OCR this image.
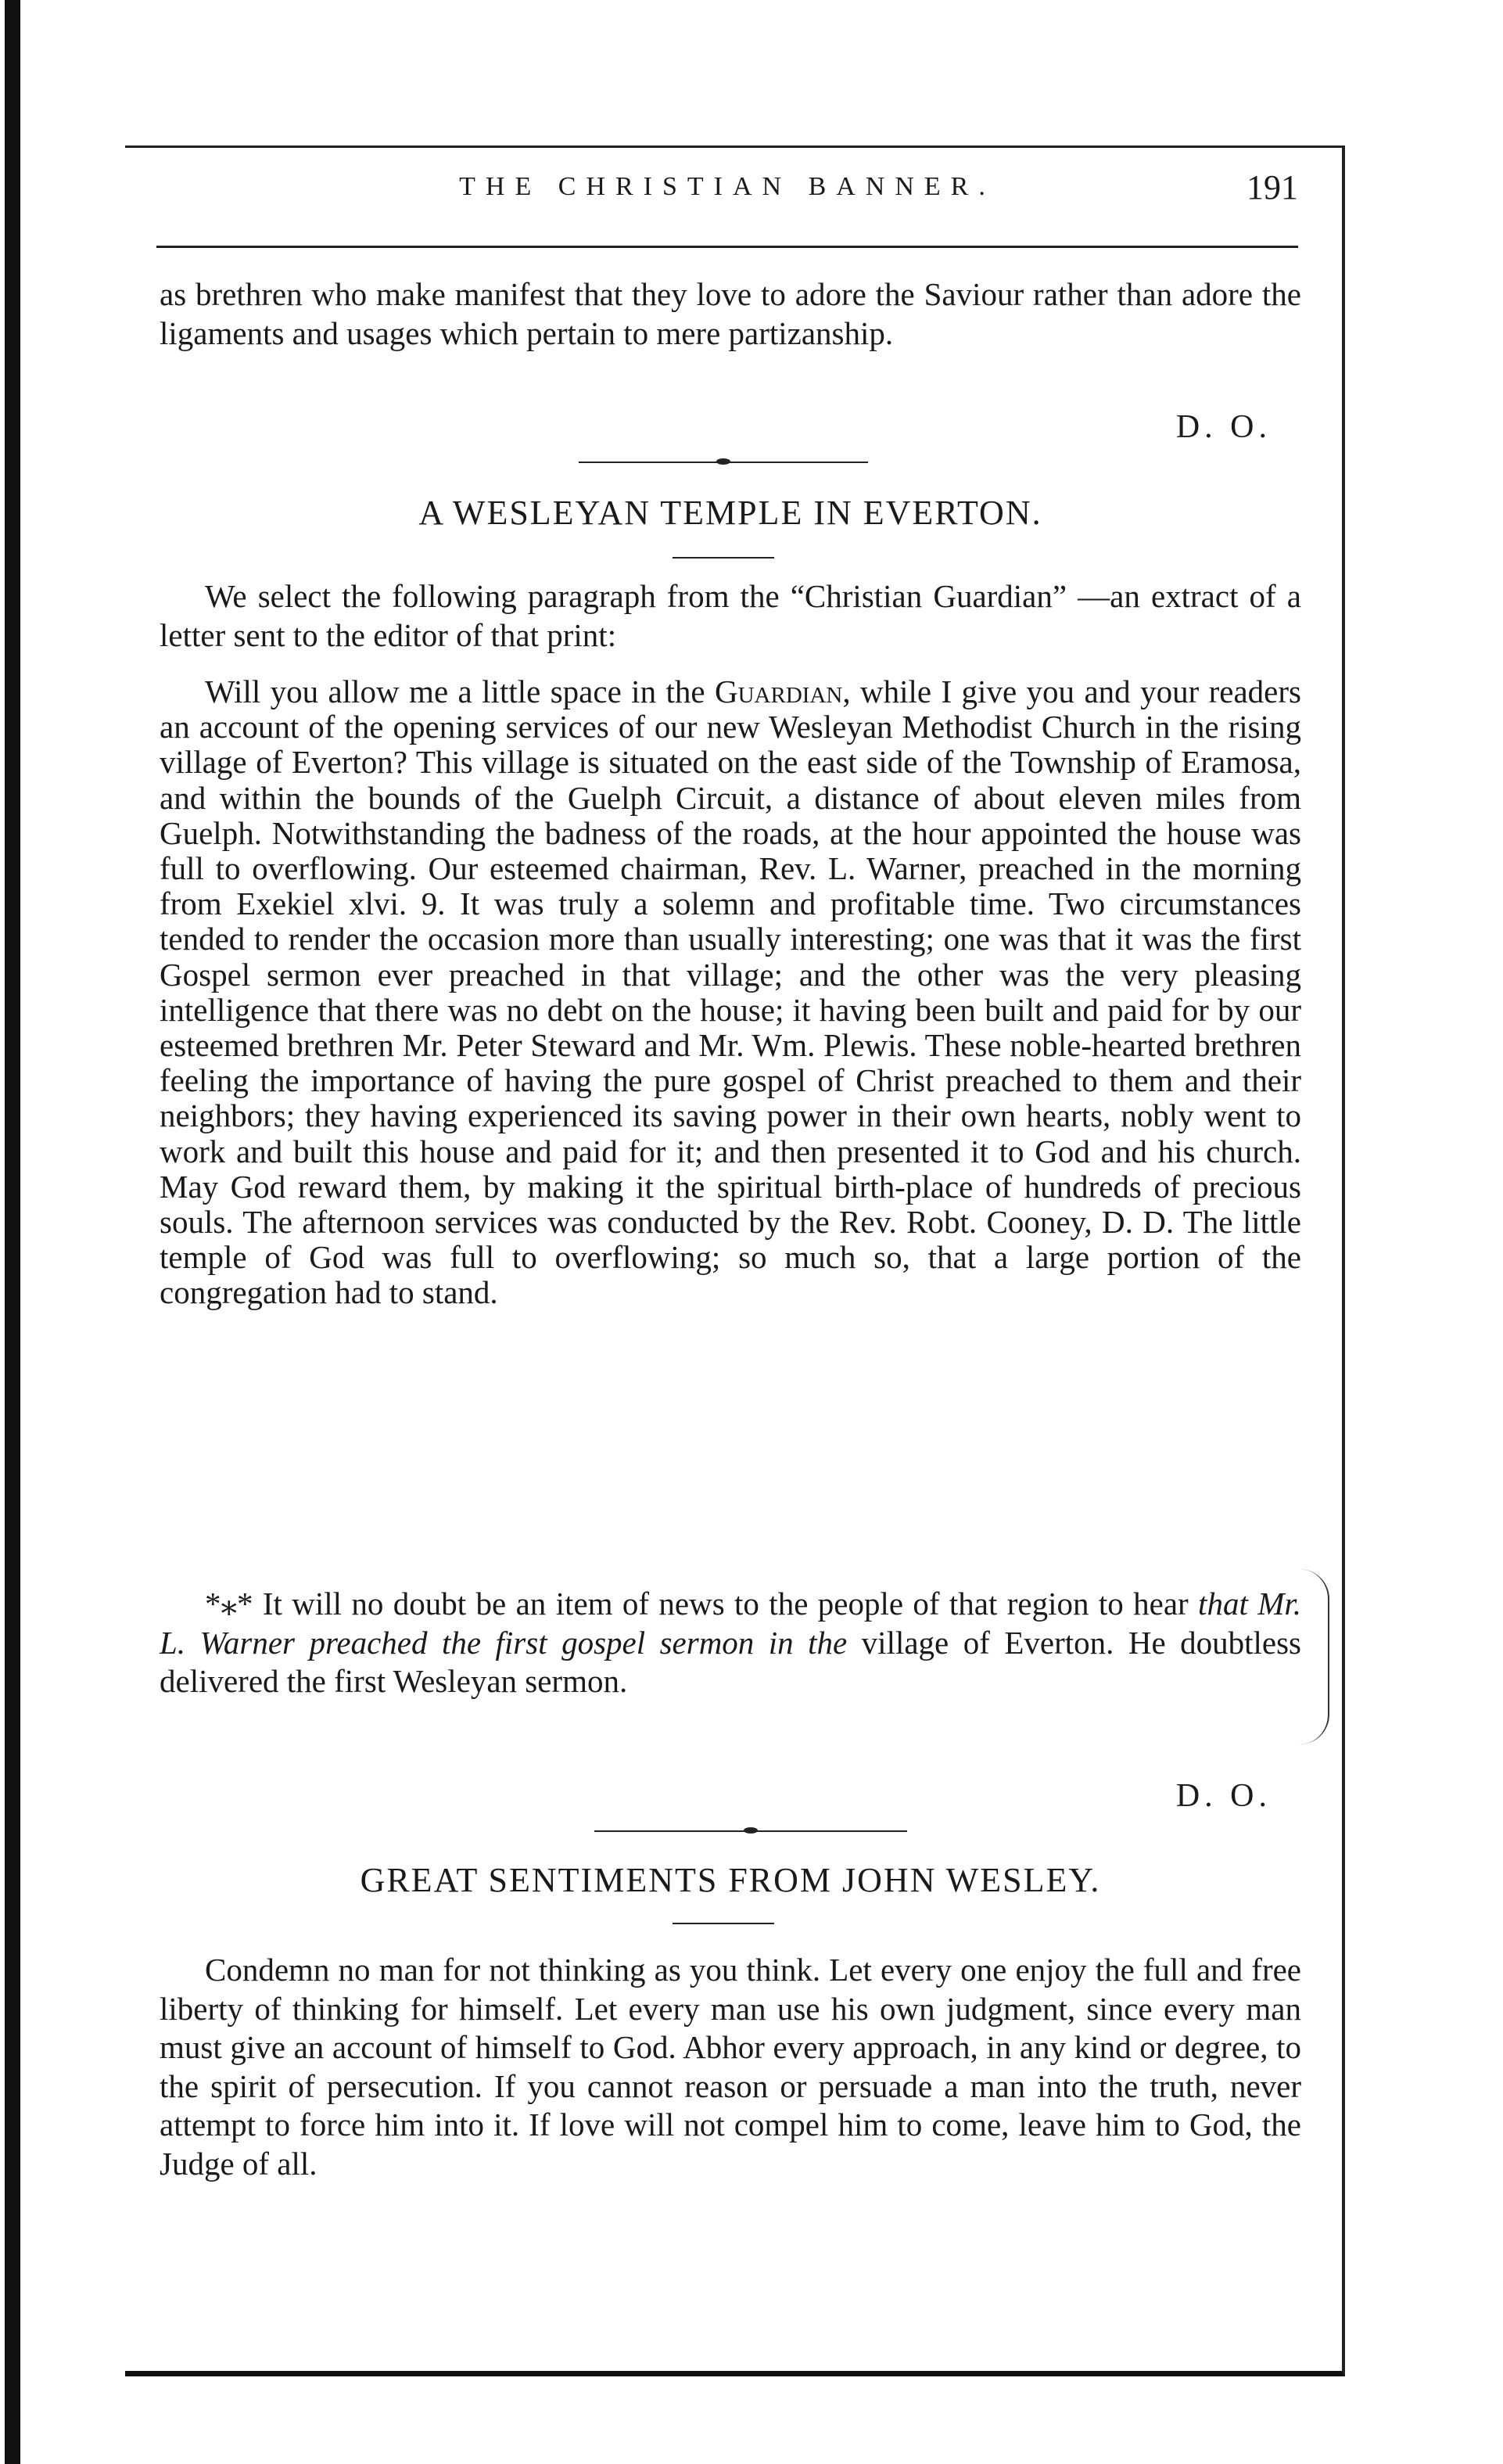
THE CHRISTIAN BANNER.	191

as brethren who make manifest that they love to adore the Saviour rather than adore the ligaments and usages which pertain to mere partizanship.

D. O.

A WESLEYAN TEMPLE IN EVERTON.

We select the following paragraph from the “Christian Guardian” —an extract of a letter sent to the editor of that print:

Will you allow me a little space in the Guardian, while I give you and your readers an account of the opening services of our new Wesleyan Methodist Church in the rising village of Everton? This village is situated on the east side of the Township of Eramosa, and within the bounds of the Guelph Circuit, a distance of about eleven miles from Guelph. Notwithstanding the badness of the roads, at the hour appointed the house was full to overflowing. Our esteemed chairman, Rev. L. Warner, preached in the morning from Exekiel xlvi. 9. It was truly a solemn and profitable time. Two circumstances tended to render the occasion more than usually interesting; one was that it was the first Gospel sermon ever preached in that village; and the other was the very pleasing intelligence that there was no debt on the house; it having been built and paid for by our esteemed brethren Mr. Peter Steward and Mr. Wm. Plewis. These noble-hearted brethren feeling the importance of having the pure gospel of Christ preached to them and their neighbors; they having experienced its saving power in their own hearts, nobly went to work and built this house and paid for it; and then presented it to God and his church. May God reward them, by making it the spiritual birth-place of hundreds of precious souls. The afternoon services was conducted by the Rev. Robt. Cooney, D. D. The little temple of God was full to overflowing; so much so, that a large portion of the congregation had to stand.

*⁎* It will no doubt be an item of news to the people of that region to hear that Mr. L. Warner preached the first gospel sermon in the village of Everton. He doubtless delivered the first Wesleyan sermon.

D. O.

GREAT SENTIMENTS FROM JOHN WESLEY.

Condemn no man for not thinking as you think. Let every one enjoy the full and free liberty of thinking for himself. Let every man use his own judgment, since every man must give an account of himself to God. Abhor every approach, in any kind or degree, to the spirit of persecution. If you cannot reason or persuade a man into the truth, never attempt to force him into it. If love will not compel him to come, leave him to God, the Judge of all.
